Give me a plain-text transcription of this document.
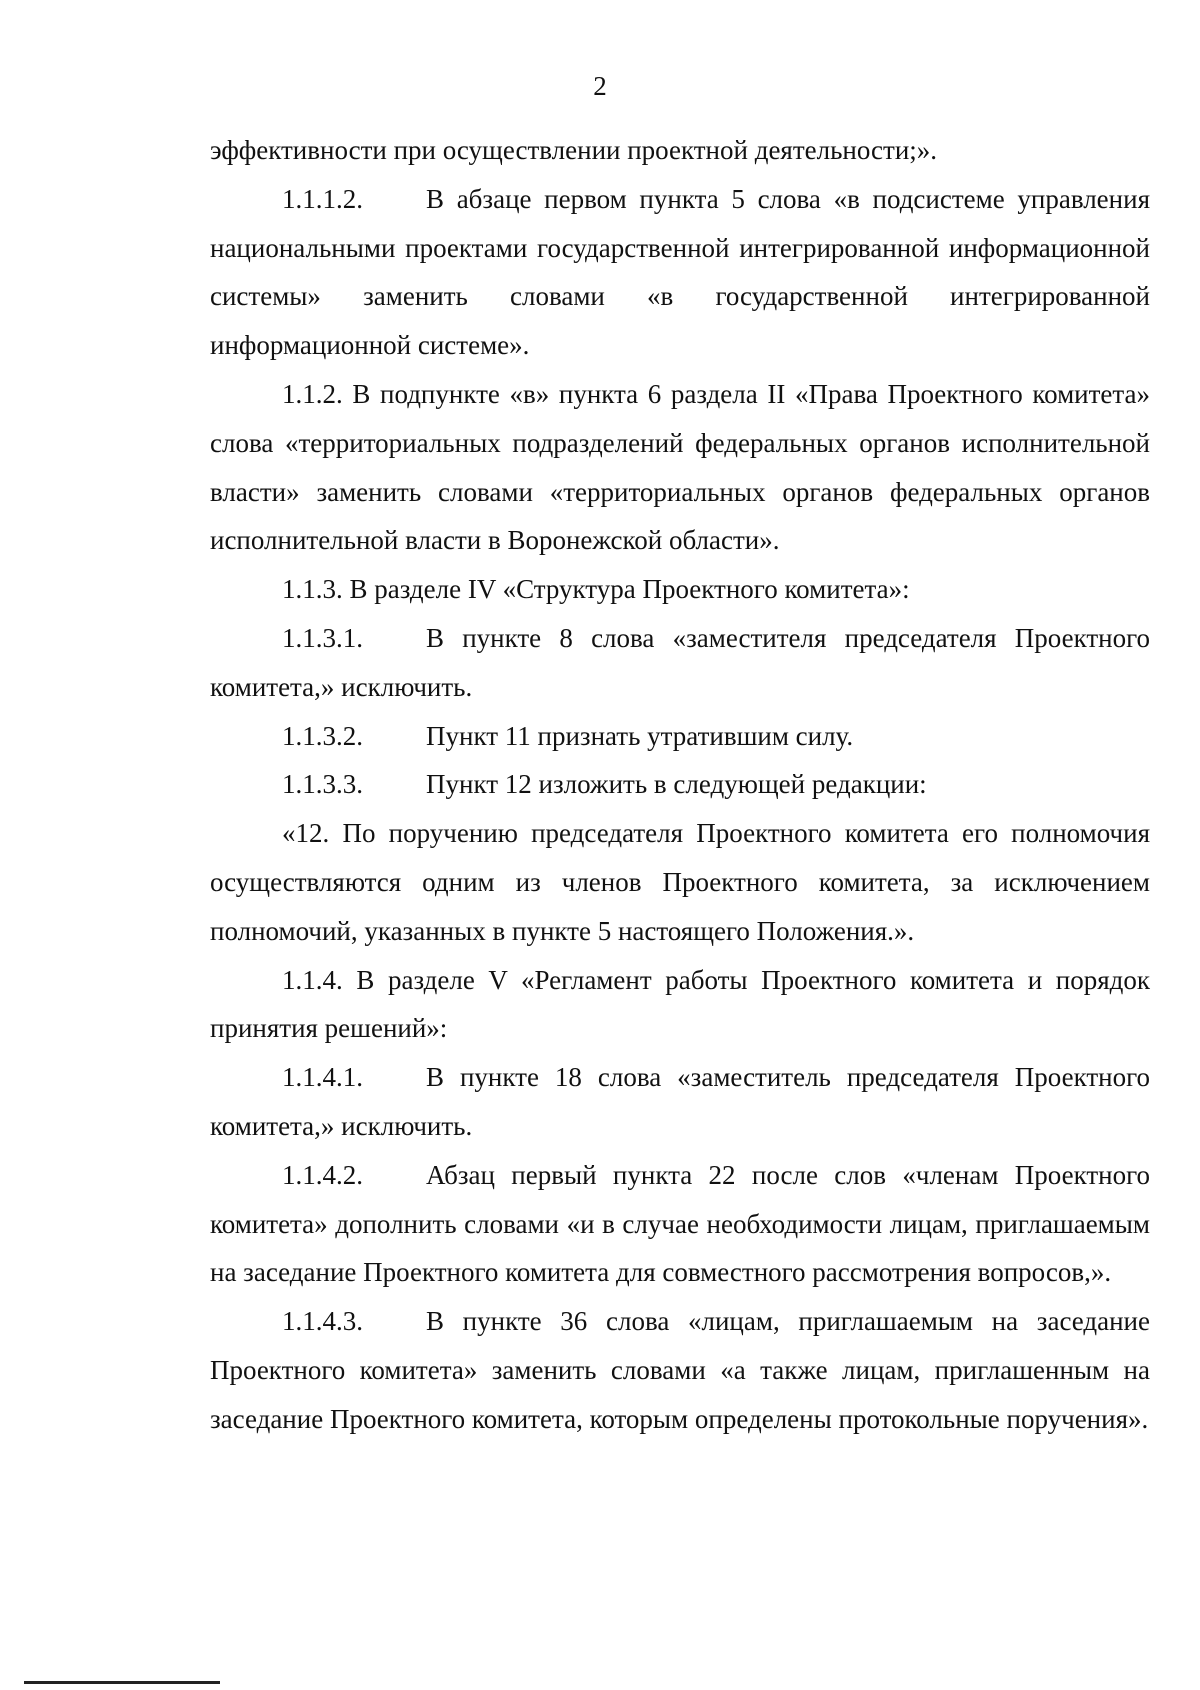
2

эффективности при осуществлении проектной деятельности;».

1.1.1.2. В абзаце первом пункта 5 слова «в подсистеме управления национальными проектами государственной интегрированной информационной системы» заменить словами «в государственной интегрированной информационной системе».

1.1.2. В подпункте «в» пункта 6 раздела II «Права Проектного комитета» слова «территориальных подразделений федеральных органов исполнительной власти» заменить словами «территориальных органов федеральных органов исполнительной власти в Воронежской области».

1.1.3. В разделе IV «Структура Проектного комитета»:

1.1.3.1. В пункте 8 слова «заместителя председателя Проектного комитета,» исключить.

1.1.3.2. Пункт 11 признать утратившим силу.

1.1.3.3. Пункт 12 изложить в следующей редакции:

«12. По поручению председателя Проектного комитета его полномочия осуществляются одним из членов Проектного комитета, за исключением полномочий, указанных в пункте 5 настоящего Положения.».

1.1.4. В разделе V «Регламент работы Проектного комитета и порядок принятия решений»:

1.1.4.1. В пункте 18 слова «заместитель председателя Проектного комитета,» исключить.

1.1.4.2. Абзац первый пункта 22 после слов «членам Проектного комитета» дополнить словами «и в случае необходимости лицам, приглашаемым на заседание Проектного комитета для совместного рассмотрения вопросов,».

1.1.4.3. В пункте 36 слова «лицам, приглашаемым на заседание Проектного комитета» заменить словами «а также лицам, приглашенным на заседание Проектного комитета, которым определены протокольные поручения».
